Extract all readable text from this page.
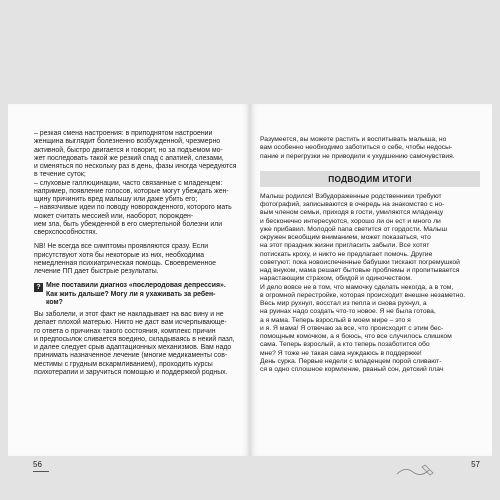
– резкая смена настроения: в приподнятом настроении

женщина выглядит болезненно возбужденной, чрезмерно

активной, быстро двигается и говорит, но за подъемом мо-

жет последовать такой же резкий спад с апатией, слезами,

и сменяться по нескольку раз в день, фазы иногда чередуются

в течение суток;

– слуховые галлюцинации, часто связанные с младенцем:

например, появление голосов, которые могут убеждать жен-

щину причинить вред малышу или даже убить его;

– навязчивые идеи по поводу новорожденного, которого мать

может считать мессией или, наоборот, порожден-

ием зла, быть убежденной в его смертельной болезни или

сверхспособностях.

NB! Не всегда все симптомы проявляются сразу. Если

присутствуют хотя бы некоторые из них, необходима

немедленная психиатрическая помощь. Своевременное

лечение ПП дает быстрые результаты.

? Мне поставили диагноз «послеродовая депрессия».

Как жить дальше? Могу ли я ухаживать за ребен-

ком?

Вы заболели, и этот факт не накладывает на вас вину и не

делает плохой матерью. Никто не даст вам исчерпывающе-

го ответа о причинах такого состояния, комплекс причин

и предпосылок сливается воедино, складываясь в некий пазл,

и далее следует срыв адаптационных механизмов. Вам надо

принимать назначенное лечение (многие медикаменты сов-

местимы с грудным вскармливанием), проходить курсы

психотерапии и заручиться помощью и поддержкой родных.

56

Разумеется, вы можете растить и воспитывать малыша, но

вам особенно необходимо заботиться о себе, чтобы недосы-

пание и перегрузки не приводили к ухудшению самочувствия.

ПОДВОДИМ ИТОГИ

Малыш родился! Взбудораженные родственники требуют

фотографий, записываются в очередь на знакомство с но-

вым членом семьи, приходя в гости, умиляются младенцу

и бесконечно интересуются, хорошо ли он ест и много ли

уже прибавил. Молодой папа светится от гордости. Малыш

окружен всеобщим вниманием, может показаться, что

на этот праздник жизни пригласить забыли. Все хотят

потискать кроху, и никто не предлагает помочь. Другие

советуют: пока новоиспеченные бабушки тискают погремушкой

над внуком, мама решает бытовые проблемы и пропитывается

нарастающим страхом, обидой и одиночеством.

И дело вовсе не в том, что мамочку сделать некогда, а в том,

в огромной перестройке, которая происходит внешне незаметно.

Весь мир рухнул, восстал из пепла и снова рухнул, а

на руинах надо создать что-то новое. Я не была готова,

а я мама. Теперь взрослый в моем мире – это я

и я. Я мама! Я отвечаю за все, что происходит с этим бес-

помощным комочком, а я боюсь, что все случилось слишком

сама. Теперь взрослый, а кто теперь позаботится обо

мне? Я тоже не такая сама нуждаюсь в поддержке!

День сурка. Первые недели с младенцем порой сливают-

ся в одно сплошное кормление, рваный сон, детский плач

57
